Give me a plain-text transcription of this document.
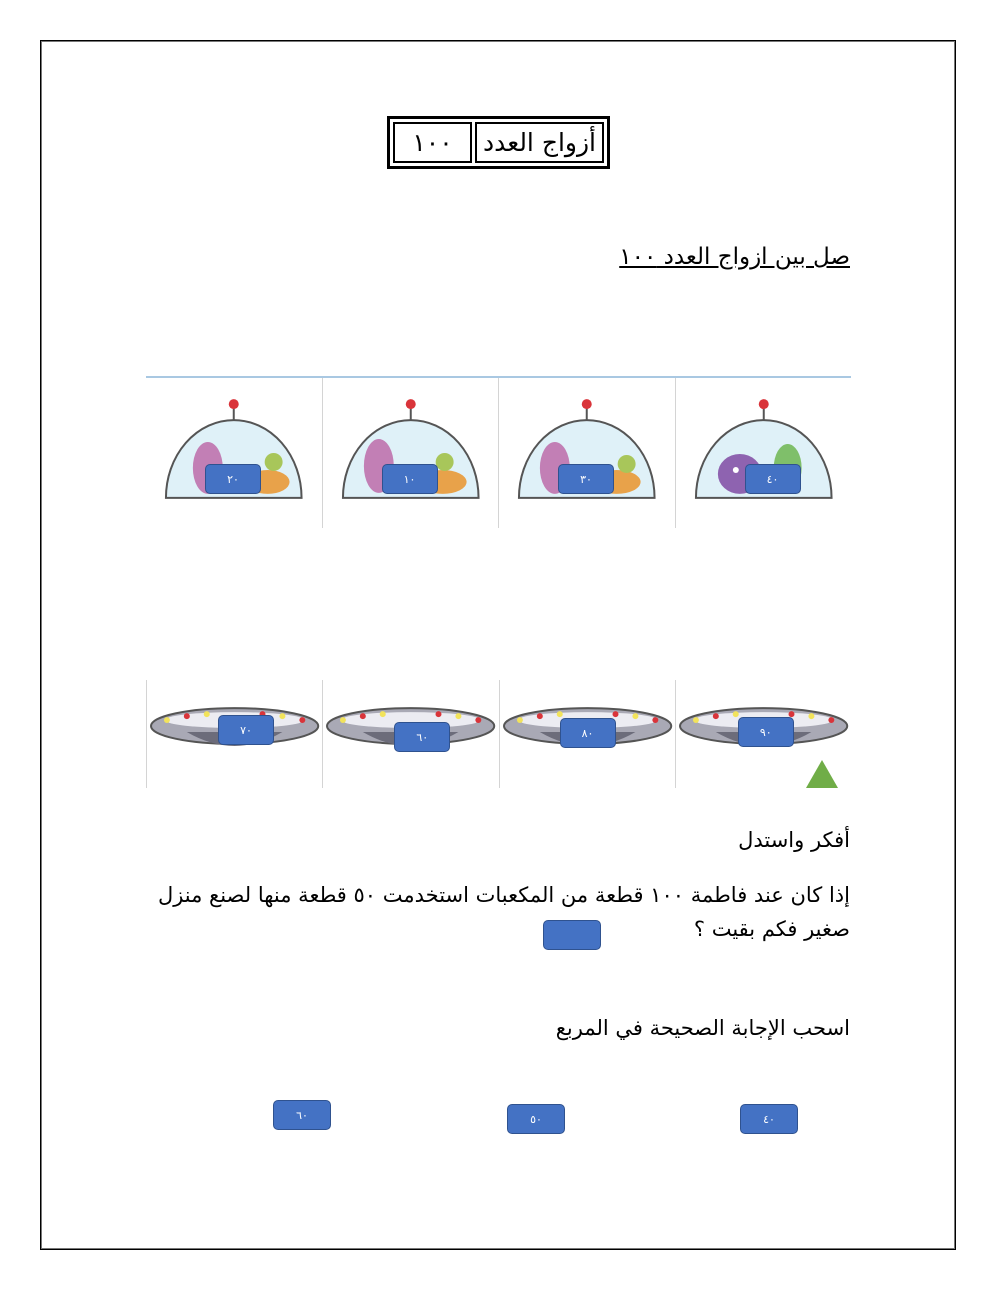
أزواج العدد
١٠٠
صل بين ازواج العدد ١٠٠
٢٠	١٠	٣٠	٤٠
٧٠
٦٠	٨٠	٩٠
أفكر واستدل
إذا كان عند فاطمة ١٠٠ قطعة من المكعبات استخدمت ٥٠ قطعة منها لصنع منزل صغير فكم بقيت ؟
اسحب الإجابة الصحيحة في المربع
٦٠	٥٠	٤٠
